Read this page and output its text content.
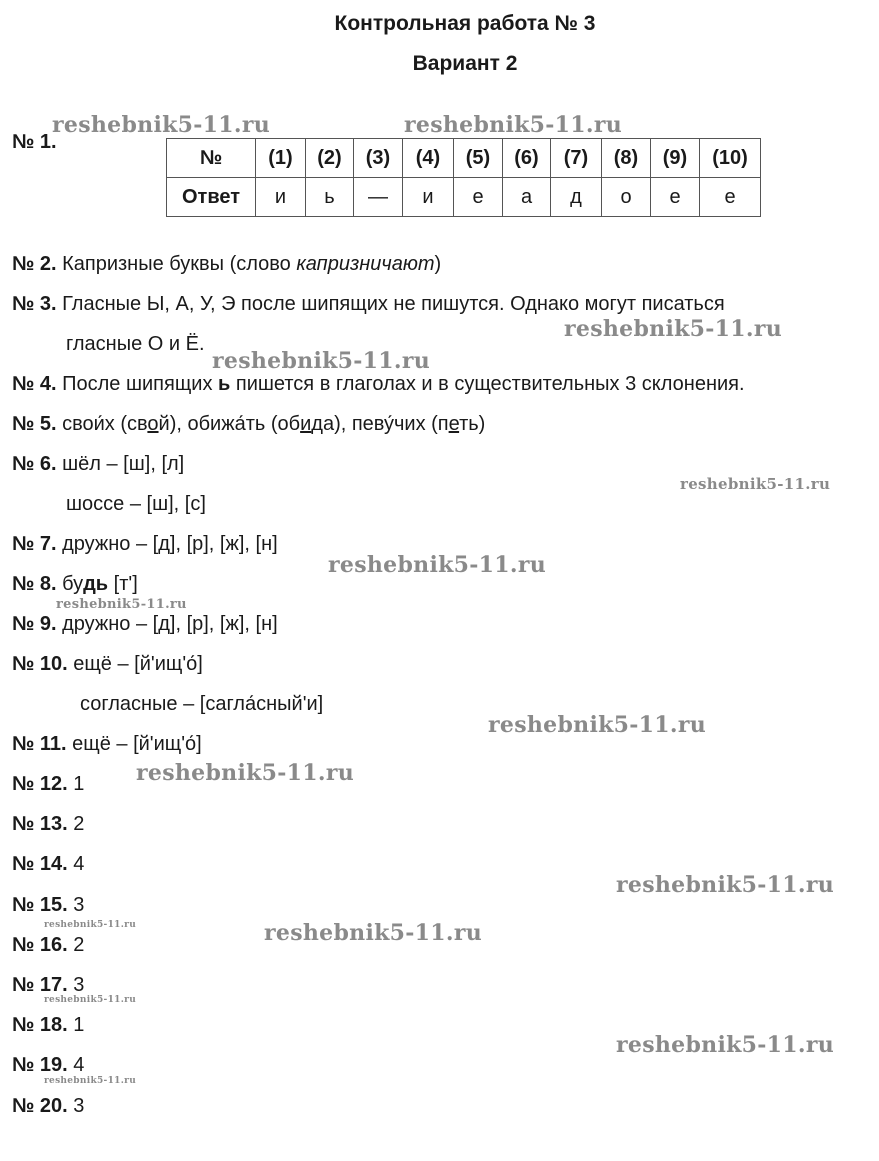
Контрольная работа № 3
Вариант 2
№ 1.
№	(1)	(2)	(3)	(4)	(5)	(6)	(7)	(8)	(9)	(10)
Ответ	и	ь	—	и	е	а	д	о	е	е
№ 2. Капризные буквы (слово капризничают)
№ 3. Гласные Ы, А, У, Э после шипящих не пишутся. Однако могут писаться
гласные О и Ё.
№ 4. После шипящих ь пишется в глаголах и в существительных 3 склонения.
№ 5. свои́х (свой), обижа́ть (обида), певу́чих (петь)
№ 6. шёл – [ш], [л]
шоссе – [ш], [с]
№ 7. дружно – [д], [р], [ж], [н]
№ 8. будь [т']
№ 9. дружно – [д], [р], [ж], [н]
№ 10. ещё – [й'ищ'о́]
согласные – [сагла́сный'и]
№ 11. ещё – [й'ищ'о́]
№ 12. 1
№ 13. 2
№ 14. 4
№ 15. 3
№ 16. 2
№ 17. 3
№ 18. 1
№ 19. 4
№ 20. 3
reshebnik5-11.ru	reshebnik5-11.ru
reshebnik5-11.ru
reshebnik5-11.ru
reshebnik5-11.ru
reshebnik5-11.ru
reshebnik5-11.ru
reshebnik5-11.ru
reshebnik5-11.ru
reshebnik5-11.ru
reshebnik5-11.ru	reshebnik5-11.ru
reshebnik5-11.ru
reshebnik5-11.ru
reshebnik5-11.ru
